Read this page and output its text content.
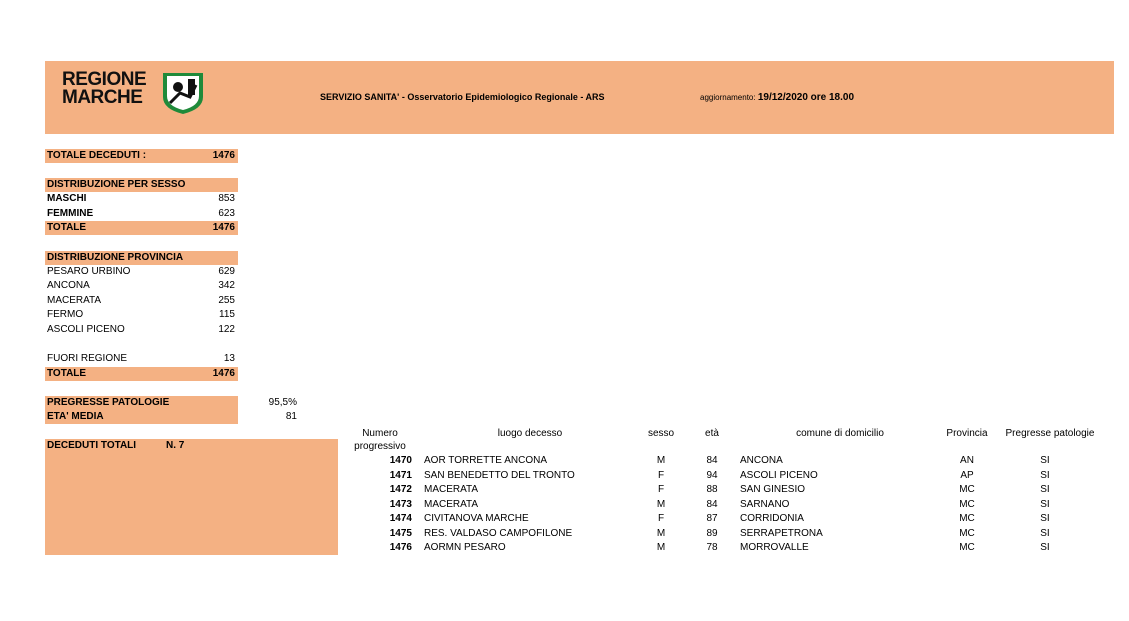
REGIONE
MARCHE	SERVIZIO SANITA' - Osservatorio Epidemiologico Regionale - ARS	aggiornamento: 19/12/2020 ore 18.00
TOTALE DECEDUTI :	1476
DISTRIBUZIONE PER SESSO
MASCHI	853
FEMMINE	623
TOTALE	1476
DISTRIBUZIONE PROVINCIA
PESARO URBINO	629
ANCONA	342
MACERATA	255
FERMO	115
ASCOLI PICENO	122
FUORI REGIONE	13
TOTALE	1476
PREGRESSE PATOLOGIE	95,5%
ETA' MEDIA	81
DECEDUTI TOTALI	N. 7
Numero
progressivo
luogo decesso	sesso	età	comune di domicilio	Provincia	Pregresse patologie
1470 AOR TORRETTE ANCONA	M	84	ANCONA	AN	SI
1471 SAN BENEDETTO DEL TRONTO	F	94	ASCOLI PICENO	AP	SI
1472 MACERATA	F	88	SAN GINESIO	MC	SI
1473 MACERATA	M	84	SARNANO	MC	SI
1474 CIVITANOVA MARCHE	F	87	CORRIDONIA	MC	SI
1475 RES. VALDASO CAMPOFILONE	M	89	SERRAPETRONA	MC	SI
1476 AORMN PESARO	M	78	MORROVALLE	MC	SI
